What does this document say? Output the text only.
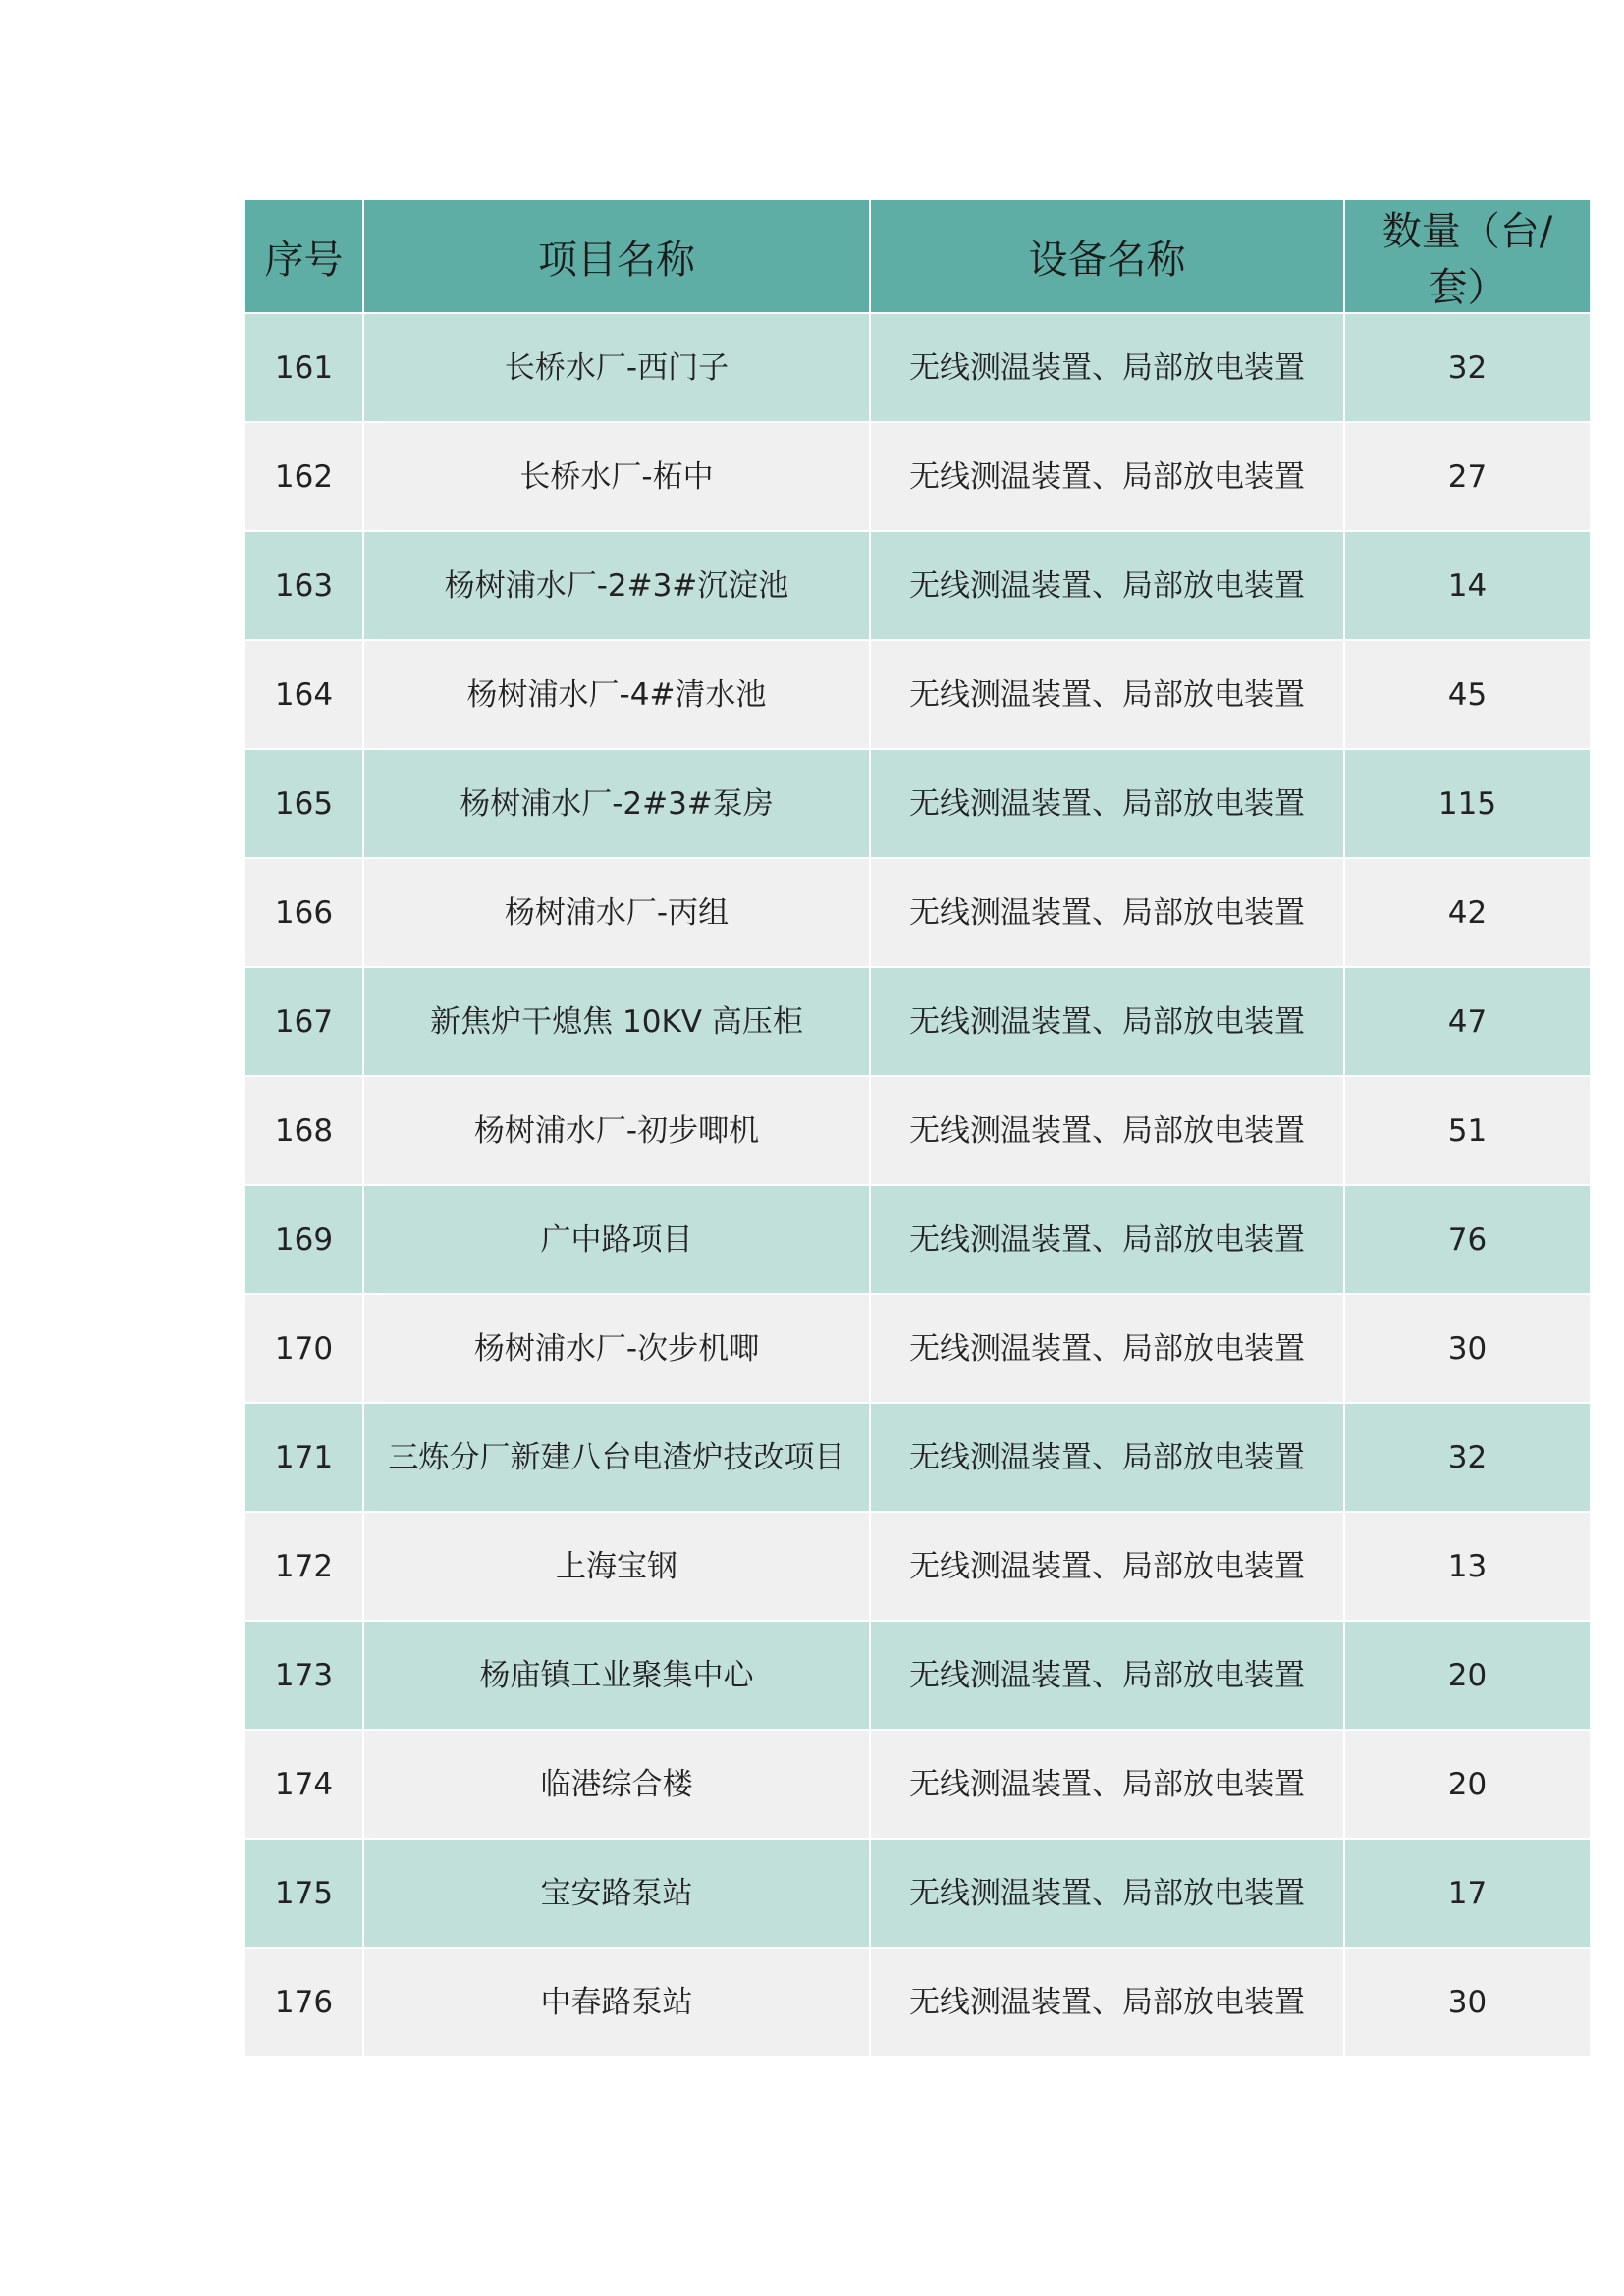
序号	项目名称	设备名称	数量（台/套）
161	长桥水厂-西门子	无线测温装置、局部放电装置	32
162	长桥水厂-柘中	无线测温装置、局部放电装置	27
163	杨树浦水厂-2#3#沉淀池	无线测温装置、局部放电装置	14
164	杨树浦水厂-4#清水池	无线测温装置、局部放电装置	45
165	杨树浦水厂-2#3#泵房	无线测温装置、局部放电装置	115
166	杨树浦水厂-丙组	无线测温装置、局部放电装置	42
167	新焦炉干熄焦 10KV 高压柜	无线测温装置、局部放电装置	47
168	杨树浦水厂-初步唧机	无线测温装置、局部放电装置	51
169	广中路项目	无线测温装置、局部放电装置	76
170	杨树浦水厂-次步机唧	无线测温装置、局部放电装置	30
171	三炼分厂新建八台电渣炉技改项目	无线测温装置、局部放电装置	32
172	上海宝钢	无线测温装置、局部放电装置	13
173	杨庙镇工业聚集中心	无线测温装置、局部放电装置	20
174	临港综合楼	无线测温装置、局部放电装置	20
175	宝安路泵站	无线测温装置、局部放电装置	17
176	中春路泵站	无线测温装置、局部放电装置	30
